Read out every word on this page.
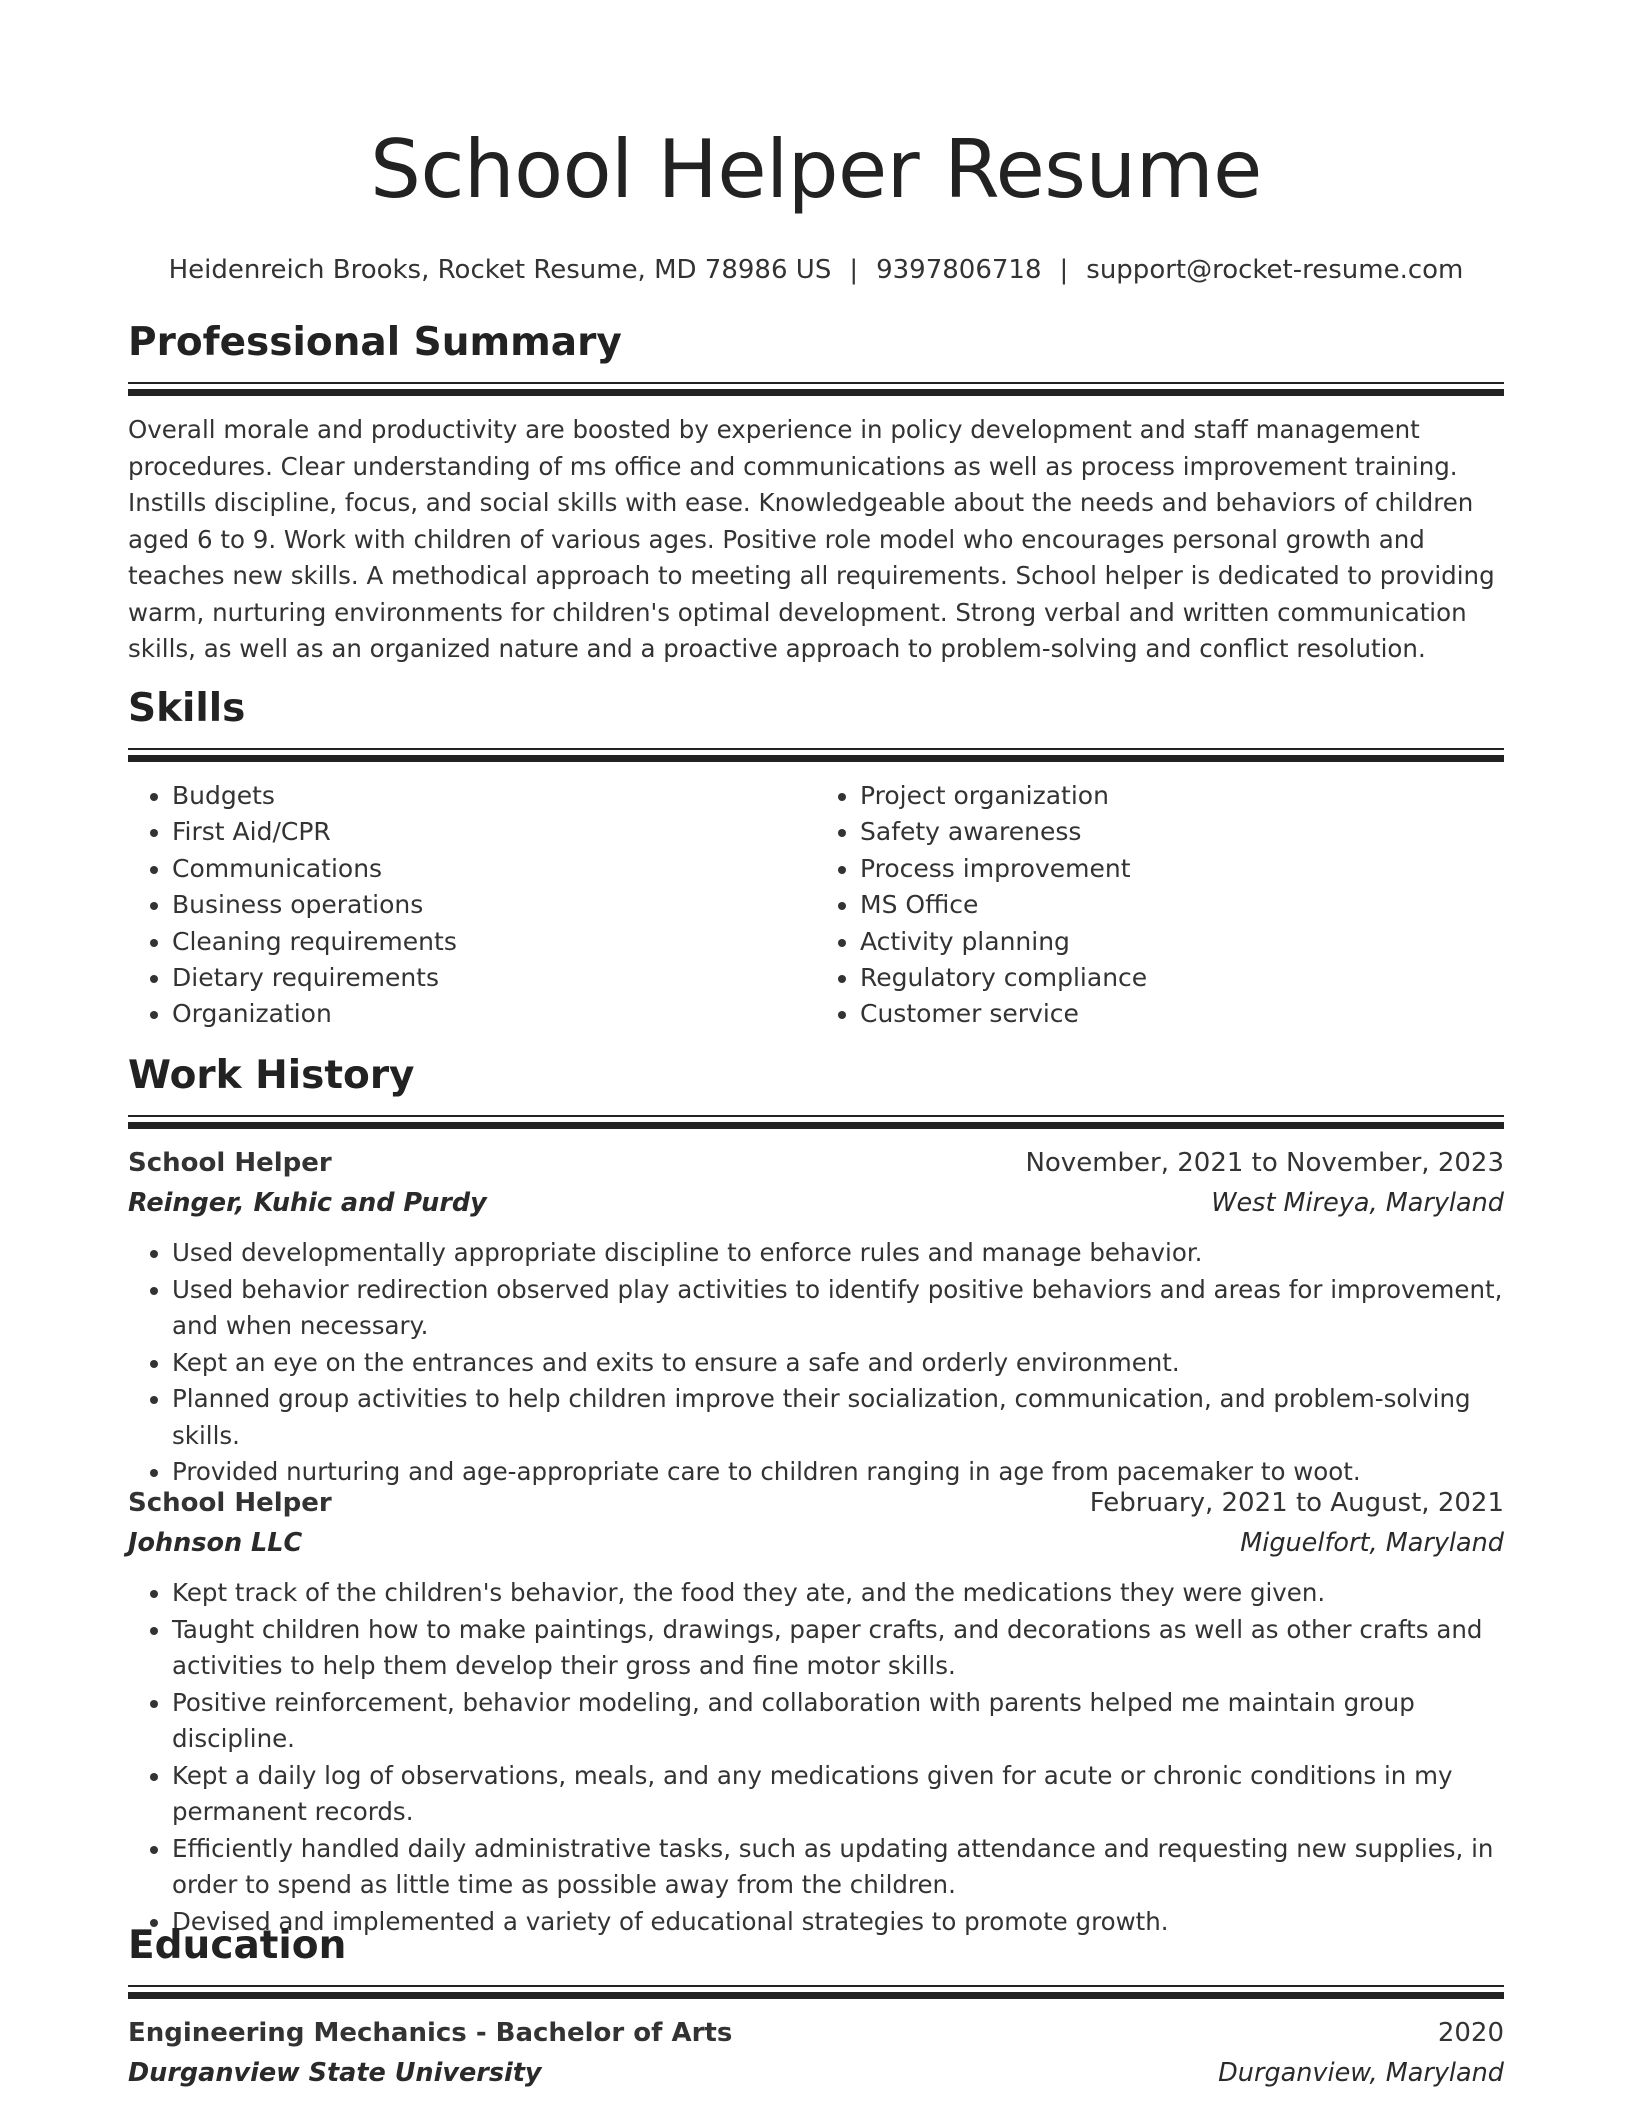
School Helper Resume
Heidenreich Brooks, Rocket Resume, MD 78986 US | 9397806718 | support@rocket-resume.com
Professional Summary
Overall morale and productivity are boosted by experience in policy development and staff management procedures. Clear understanding of ms office and communications as well as process improvement training. Instills discipline, focus, and social skills with ease. Knowledgeable about the needs and behaviors of children aged 6 to 9. Work with children of various ages. Positive role model who encourages personal growth and teaches new skills. A methodical approach to meeting all requirements. School helper is dedicated to providing warm, nurturing environments for children's optimal development. Strong verbal and written communication skills, as well as an organized nature and a proactive approach to problem-solving and conflict resolution.
Skills
• Budgets
• First Aid/CPR
• Communications
• Business operations
• Cleaning requirements
• Dietary requirements
• Organization
• Project organization
• Safety awareness
• Process improvement
• MS Office
• Activity planning
• Regulatory compliance
• Customer service
Work History
School Helper	November, 2021 to November, 2023
Reinger, Kuhic and Purdy	West Mireya, Maryland
• Used developmentally appropriate discipline to enforce rules and manage behavior.
• Used behavior redirection observed play activities to identify positive behaviors and areas for improvement, and when necessary.
• Kept an eye on the entrances and exits to ensure a safe and orderly environment.
• Planned group activities to help children improve their socialization, communication, and problem-solving skills.
• Provided nurturing and age-appropriate care to children ranging in age from pacemaker to woot.
School Helper	February, 2021 to August, 2021
Johnson LLC	Miguelfort, Maryland
• Kept track of the children's behavior, the food they ate, and the medications they were given.
• Taught children how to make paintings, drawings, paper crafts, and decorations as well as other crafts and activities to help them develop their gross and fine motor skills.
• Positive reinforcement, behavior modeling, and collaboration with parents helped me maintain group discipline.
• Kept a daily log of observations, meals, and any medications given for acute or chronic conditions in my permanent records.
• Efficiently handled daily administrative tasks, such as updating attendance and requesting new supplies, in order to spend as little time as possible away from the children.
• Devised and implemented a variety of educational strategies to promote growth.
Education
Engineering Mechanics - Bachelor of Arts	2020
Durganview State University	Durganview, Maryland
